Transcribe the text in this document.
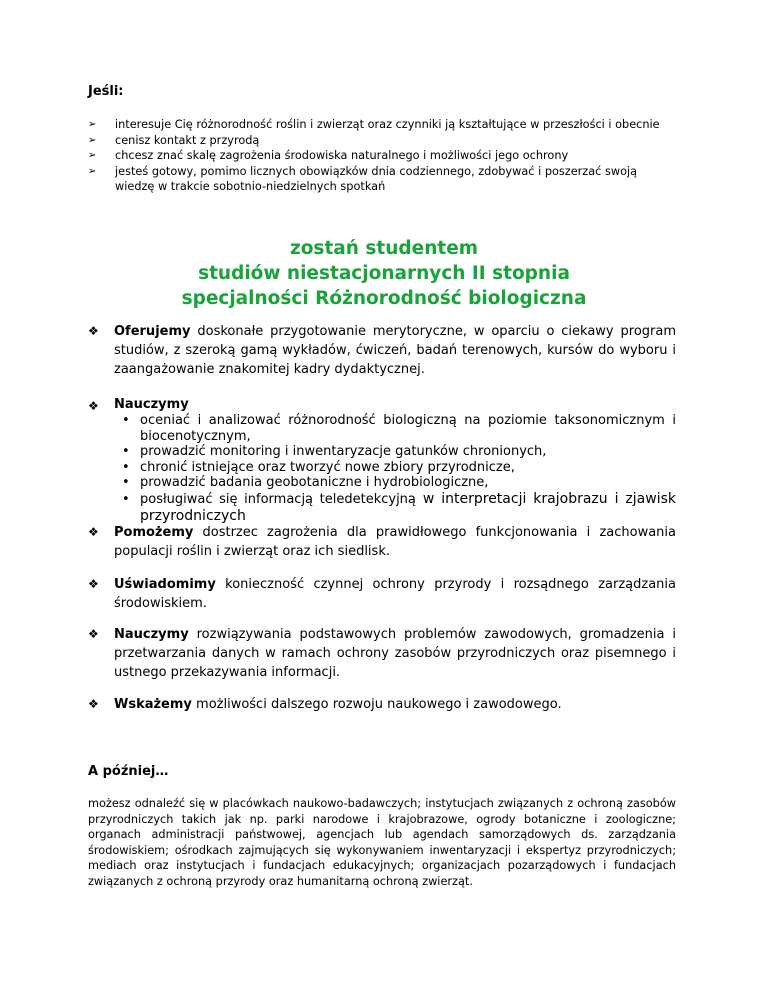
Jeśli:
➢ interesuje Cię różnorodność roślin i zwierząt oraz czynniki ją kształtujące w przeszłości i obecnie
➢ cenisz kontakt z przyrodą
➢ chcesz znać skalę zagrożenia środowiska naturalnego i możliwości jego ochrony
➢ jesteś gotowy, pomimo licznych obowiązków dnia codziennego, zdobywać i poszerzać swoją wiedzę w trakcie sobotnio-niedzielnych spotkań
zostań studentem
studiów niestacjonarnych II stopnia
specjalności Różnorodność biologiczna
❖ Oferujemy doskonałe przygotowanie merytoryczne, w oparciu o ciekawy program studiów, z szeroką gamą wykładów, ćwiczeń, badań terenowych, kursów do wyboru i zaangażowanie znakomitej kadry dydaktycznej.
❖ Nauczymy
• oceniać i analizować różnorodność biologiczną na poziomie taksonomicznym i biocenotycznym,
• prowadzić monitoring i inwentaryzacje gatunków chronionych,
• chronić istniejące oraz tworzyć nowe zbiory przyrodnicze,
• prowadzić badania geobotaniczne i hydrobiologiczne,
• posługiwać się informacją teledetekcyjną w interpretacji krajobrazu i zjawisk przyrodniczych
❖ Pomożemy dostrzec zagrożenia dla prawidłowego funkcjonowania i zachowania populacji roślin i zwierząt oraz ich siedlisk.
❖ Uświadomimy konieczność czynnej ochrony przyrody i rozsądnego zarządzania środowiskiem.
❖ Nauczymy rozwiązywania podstawowych problemów zawodowych, gromadzenia i przetwarzania danych w ramach ochrony zasobów przyrodniczych oraz pisemnego i ustnego przekazywania informacji.
❖ Wskażemy możliwości dalszego rozwoju naukowego i zawodowego.
A później…
możesz odnaleźć się w placówkach naukowo-badawczych; instytucjach związanych z ochroną zasobów przyrodniczych takich jak np. parki narodowe i krajobrazowe, ogrody botaniczne i zoologiczne; organach administracji państwowej, agencjach lub agendach samorządowych ds. zarządzania środowiskiem; ośrodkach zajmujących się wykonywaniem inwentaryzacji i ekspertyz przyrodniczych; mediach oraz instytucjach i fundacjach edukacyjnych; organizacjach pozarządowych i fundacjach związanych z ochroną przyrody oraz humanitarną ochroną zwierząt.
